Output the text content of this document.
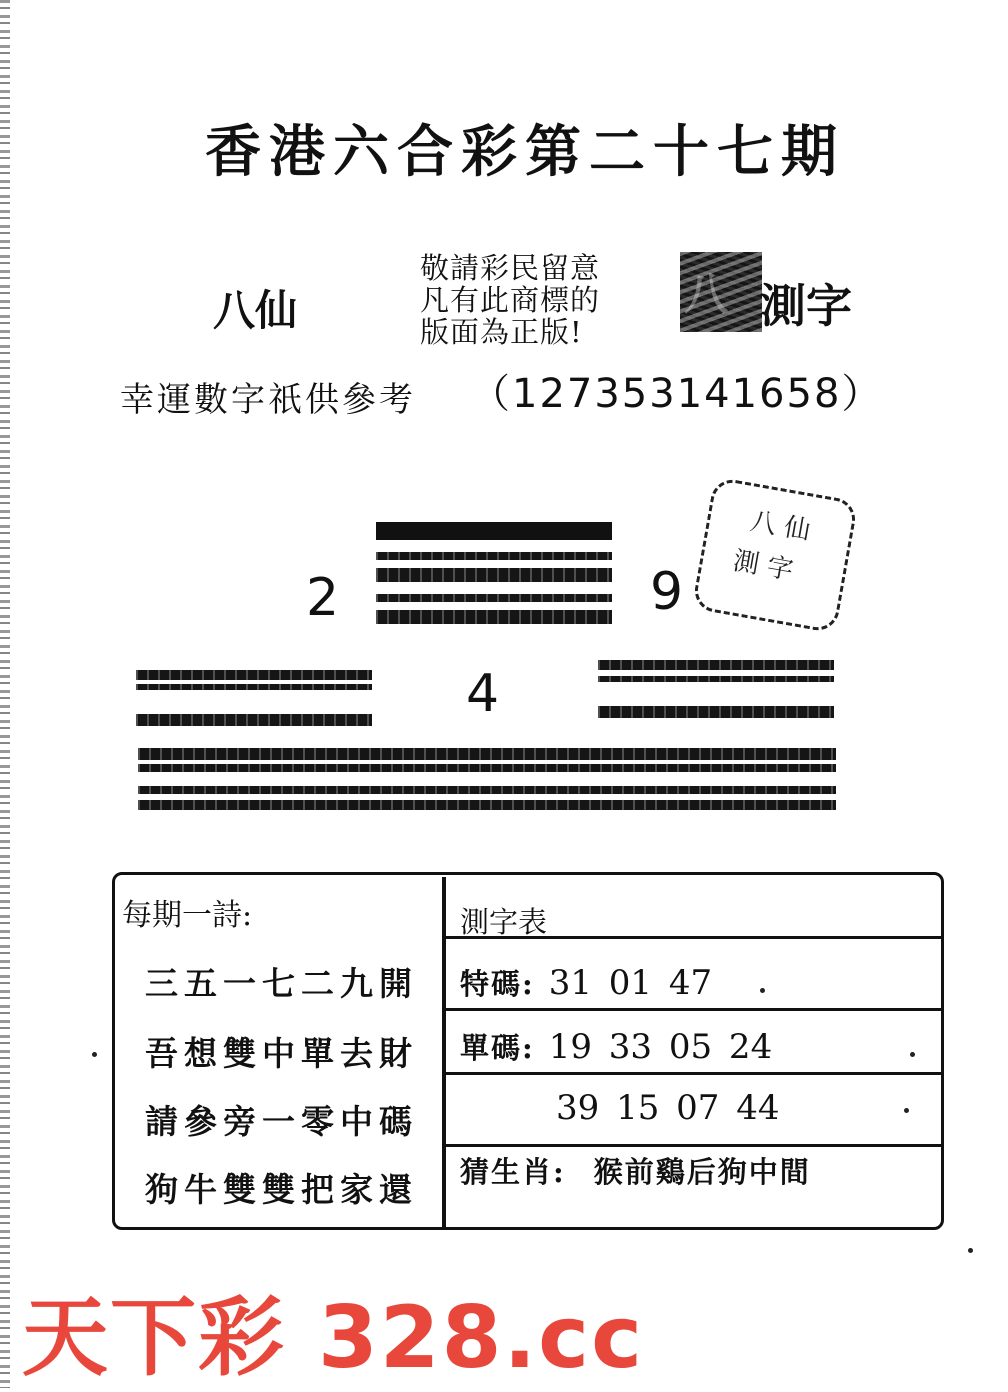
香港六合彩第二十七期
八仙
敬請彩民留意
凡有此商標的
版面為正版!
八 測字
幸運數字祇供參考 （127353141658）
2	9
4
八 仙
測 字
每期一詩:
三五一七二九開
吾想雙中單去財
請參旁一零中碼
狗牛雙雙把家還
測字表
特碼: 31 01 47
單碼: 19 33 05 24
39 15 07 44
猜生肖: 猴前鷄后狗中間
天下彩 328.cc
